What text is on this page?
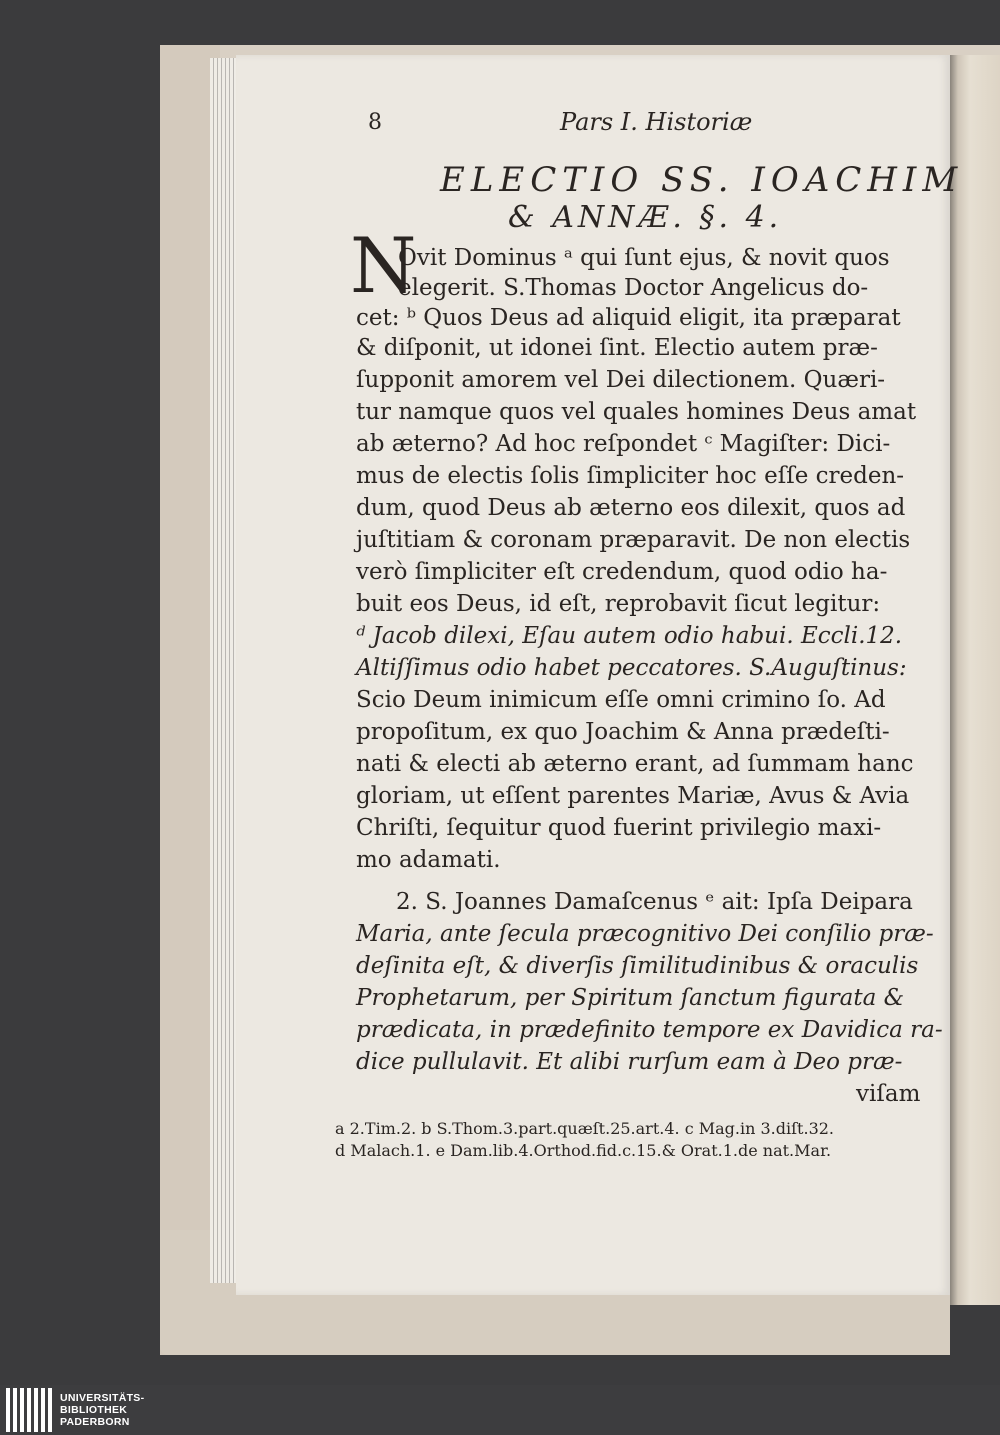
8	Pars I. Historiæ
ELECTIO SS. IOACHIM
& ANNÆ. §. 4.
N
Ovit Dominus ᵃ qui ſunt ejus, & novit quos
elegerit. S.Thomas Doctor Angelicus do-
cet: ᵇ Quos Deus ad aliquid eligit, ita præparat
& diſponit, ut idonei ſint. Electio autem præ-
ſupponit amorem vel Dei dilectionem. Quæri-
tur namque quos vel quales homines Deus amat
ab æterno? Ad hoc reſpondet ᶜ Magiſter: Dici-
mus de electis ſolis ſimpliciter hoc eſſe creden-
dum, quod Deus ab æterno eos dilexit, quos ad
juſtitiam & coronam præparavit. De non electis
verò ſimpliciter eſt credendum, quod odio ha-
buit eos Deus, id eſt, reprobavit ſicut legitur:
ᵈ Jacob dilexi, Eſau autem odio habui. Eccli.12.
Altiſſimus odio habet peccatores. S.Auguſtinus:
Scio Deum inimicum eſſe omni crimino ſo. Ad
propoſitum, ex quo Joachim & Anna prædeſti-
nati & electi ab æterno erant, ad ſummam hanc
gloriam, ut eſſent parentes Mariæ, Avus & Avia
Chriſti, ſequitur quod fuerint privilegio maxi-
mo adamati.
2. S. Joannes Damaſcenus ᵉ ait: Ipſa Deipara
Maria, ante ſecula præcognitivo Dei conſilio præ-
deſinita eſt, & diverſis ſimilitudinibus & oraculis
Prophetarum, per Spiritum ſanctum figurata &
prædicata, in prædefinito tempore ex Davidica ra-
dice pullulavit. Et alibi rurſum eam à Deo præ-
viſam
a 2.Tim.2. b S.Thom.3.part.quæſt.25.art.4. c Mag.in 3.diſt.32.
d Malach.1. e Dam.lib.4.Orthod.fid.c.15.& Orat.1.de nat.Mar.
UNIVERSITÄTS-
BIBLIOTHEK
PADERBORN
